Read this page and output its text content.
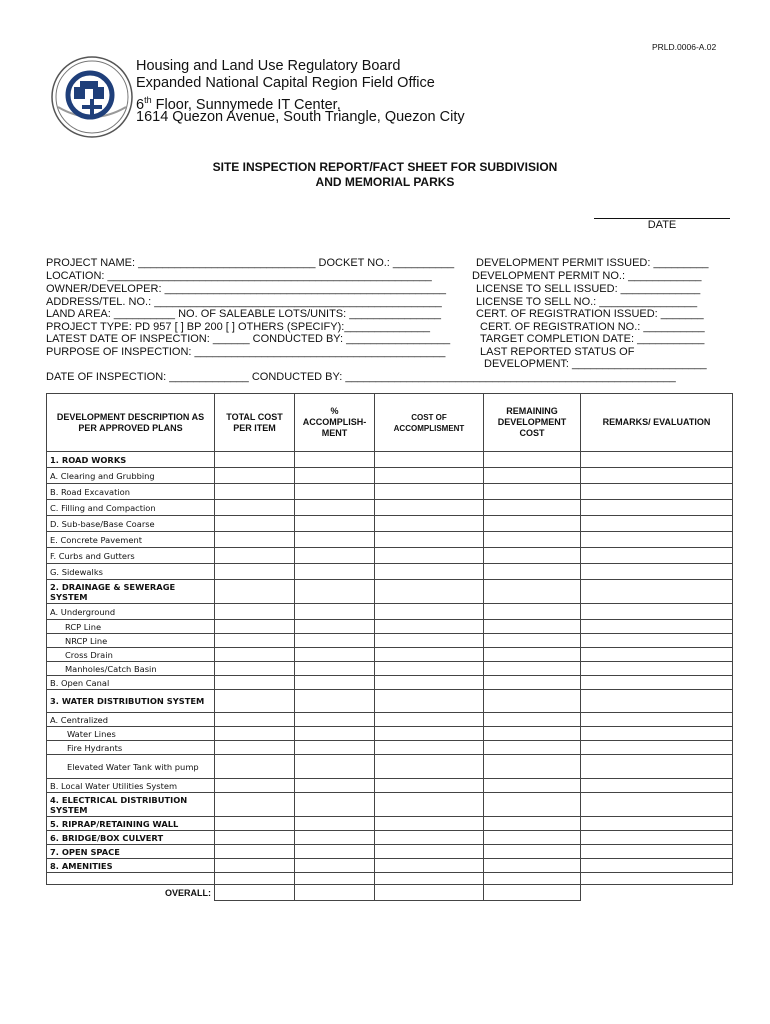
PRLD.0006-A.02
Housing and Land Use Regulatory Board
Expanded National Capital Region Field Office
6th Floor, Sunnymede IT Center,
1614 Quezon Avenue, South Triangle, Quezon City
SITE INSPECTION REPORT/FACT SHEET FOR SUBDIVISION
AND MEMORIAL PARKS
DATE
PROJECT NAME: _____________________________ DOCKET NO.: __________
LOCATION: _____________________________________________________
OWNER/DEVELOPER: ______________________________________________
ADDRESS/TEL. NO.: _______________________________________________
LAND AREA: __________ NO. OF SALEABLE LOTS/UNITS: _______________
PROJECT TYPE: PD 957 [ ] BP 200 [ ] OTHERS (SPECIFY):______________
LATEST DATE OF INSPECTION: ______ CONDUCTED BY: _________________
PURPOSE OF INSPECTION: _________________________________________
DEVELOPMENT PERMIT ISSUED: _________
DEVELOPMENT PERMIT NO.: ____________
LICENSE TO SELL ISSUED: _____________
LICENSE TO SELL NO.: ________________
CERT. OF REGISTRATION ISSUED: _______
CERT. OF REGISTRATION NO.: __________
TARGET COMPLETION DATE: ___________
LAST REPORTED STATUS OF
DEVELOPMENT: ______________________
DATE OF INSPECTION: _____________ CONDUCTED BY: ______________________________________________________
DEVELOPMENT DESCRIPTION AS PER APPROVED PLANS	TOTAL COST PER ITEM	% ACCOMPLISH- MENT	COST OF ACCOMPLISMENT	REMAINING DEVELOPMENT COST	REMARKS/ EVALUATION
1. ROAD WORKS					
A. Clearing and Grubbing					
B. Road Excavation					
C. Filling and Compaction					
D. Sub-base/Base Coarse					
E. Concrete Pavement					
F. Curbs and Gutters					
G. Sidewalks					
2. DRAINAGE & SEWERAGE SYSTEM					
A. Underground					
RCP Line					
NRCP Line					
Cross Drain					
Manholes/Catch Basin					
B. Open Canal					
3. WATER DISTRIBUTION SYSTEM					
A. Centralized					
Water Lines					
Fire Hydrants					
Elevated Water Tank with pump					
B. Local Water Utilities System					
4. ELECTRICAL DISTRIBUTION SYSTEM					
5. RIPRAP/RETAINING WALL					
6. BRIDGE/BOX CULVERT					
7. OPEN SPACE					
8. AMENITIES					

OVERALL:					
